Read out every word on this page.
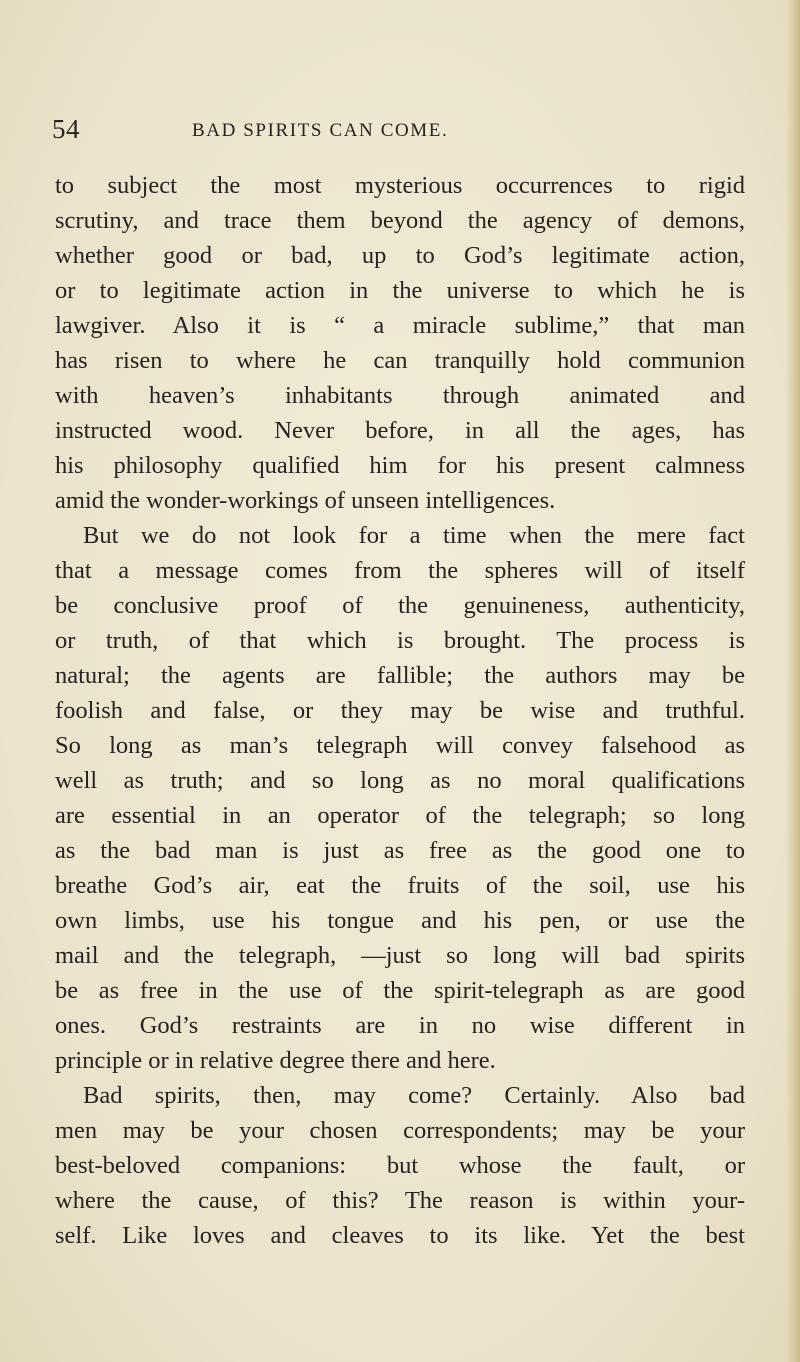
54	BAD SPIRITS CAN COME.
to subject the most mysterious occurrences to rigid
scrutiny, and trace them beyond the agency of demons,
whether good or bad, up to God’s legitimate action,
or to legitimate action in the universe to which he is
lawgiver. Also it is “ a miracle sublime,” that man
has risen to where he can tranquilly hold communion
with heaven’s inhabitants through animated and
instructed wood. Never before, in all the ages, has
his philosophy qualified him for his present calmness
amid the wonder-workings of unseen intelligences.
But we do not look for a time when the mere fact
that a message comes from the spheres will of itself
be conclusive proof of the genuineness, authenticity,
or truth, of that which is brought. The process is
natural; the agents are fallible; the authors may be
foolish and false, or they may be wise and truthful.
So long as man’s telegraph will convey falsehood as
well as truth; and so long as no moral qualifications
are essential in an operator of the telegraph; so long
as the bad man is just as free as the good one to
breathe God’s air, eat the fruits of the soil, use his
own limbs, use his tongue and his pen, or use the
mail and the telegraph, —just so long will bad spirits
be as free in the use of the spirit-telegraph as are good
ones. God’s restraints are in no wise different in
principle or in relative degree there and here.
Bad spirits, then, may come? Certainly. Also bad
men may be your chosen correspondents; may be your
best-beloved companions: but whose the fault, or
where the cause, of this? The reason is within your-
self. Like loves and cleaves to its like. Yet the best
